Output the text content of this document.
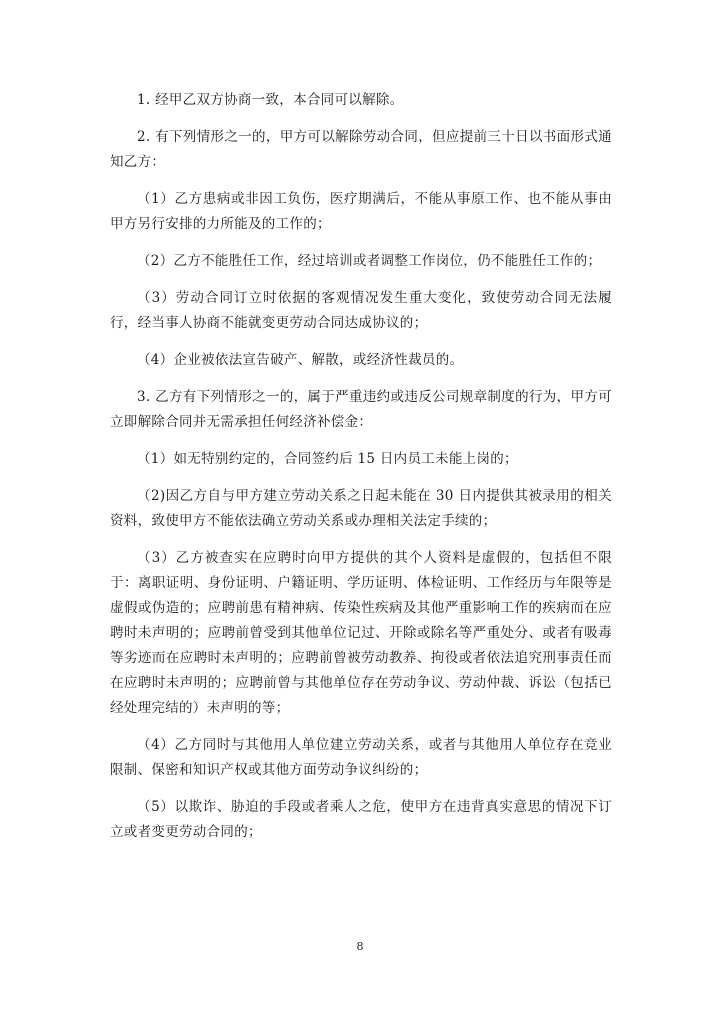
1. 经甲乙双方协商一致，本合同可以解除。

2. 有下列情形之一的，甲方可以解除劳动合同，但应提前三十日以书面形式通知乙方：

（1）乙方患病或非因工负伤，医疗期满后，不能从事原工作、也不能从事由甲方另行安排的力所能及的工作的；

（2）乙方不能胜任工作，经过培训或者调整工作岗位，仍不能胜任工作的；

（3）劳动合同订立时依据的客观情况发生重大变化，致使劳动合同无法履行，经当事人协商不能就变更劳动合同达成协议的；

（4）企业被依法宣告破产、解散，或经济性裁员的。

3. 乙方有下列情形之一的，属于严重违约或违反公司规章制度的行为，甲方可立即解除合同并无需承担任何经济补偿金：

（1）如无特别约定的，合同签约后 15 日内员工未能上岗的；

（2)因乙方自与甲方建立劳动关系之日起未能在 30 日内提供其被录用的相关资料，致使甲方不能依法确立劳动关系或办理相关法定手续的；

（3）乙方被查实在应聘时向甲方提供的其个人资料是虚假的，包括但不限于：离职证明、身份证明、户籍证明、学历证明、体检证明、工作经历与年限等是虚假或伪造的；应聘前患有精神病、传染性疾病及其他严重影响工作的疾病而在应聘时未声明的；应聘前曾受到其他单位记过、开除或除名等严重处分、或者有吸毒等劣迹而在应聘时未声明的；应聘前曾被劳动教养、拘役或者依法追究刑事责任而在应聘时未声明的；应聘前曾与其他单位存在劳动争议、劳动仲裁、诉讼（包括已经处理完结的）未声明的等；

（4）乙方同时与其他用人单位建立劳动关系，或者与其他用人单位存在竞业限制、保密和知识产权或其他方面劳动争议纠纷的；

（5）以欺诈、胁迫的手段或者乘人之危，使甲方在违背真实意思的情况下订立或者变更劳动合同的；

8
